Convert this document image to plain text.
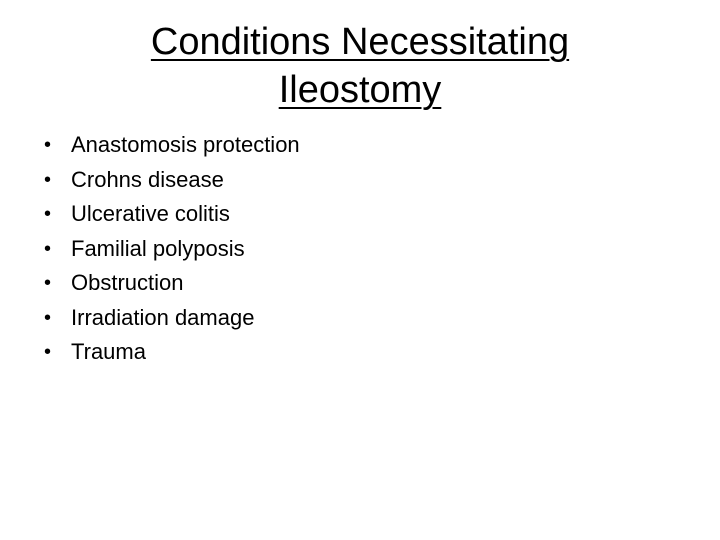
Conditions Necessitating
Ileostomy
• Anastomosis protection
• Crohns disease
• Ulcerative colitis
• Familial polyposis
• Obstruction
• Irradiation damage
• Trauma
